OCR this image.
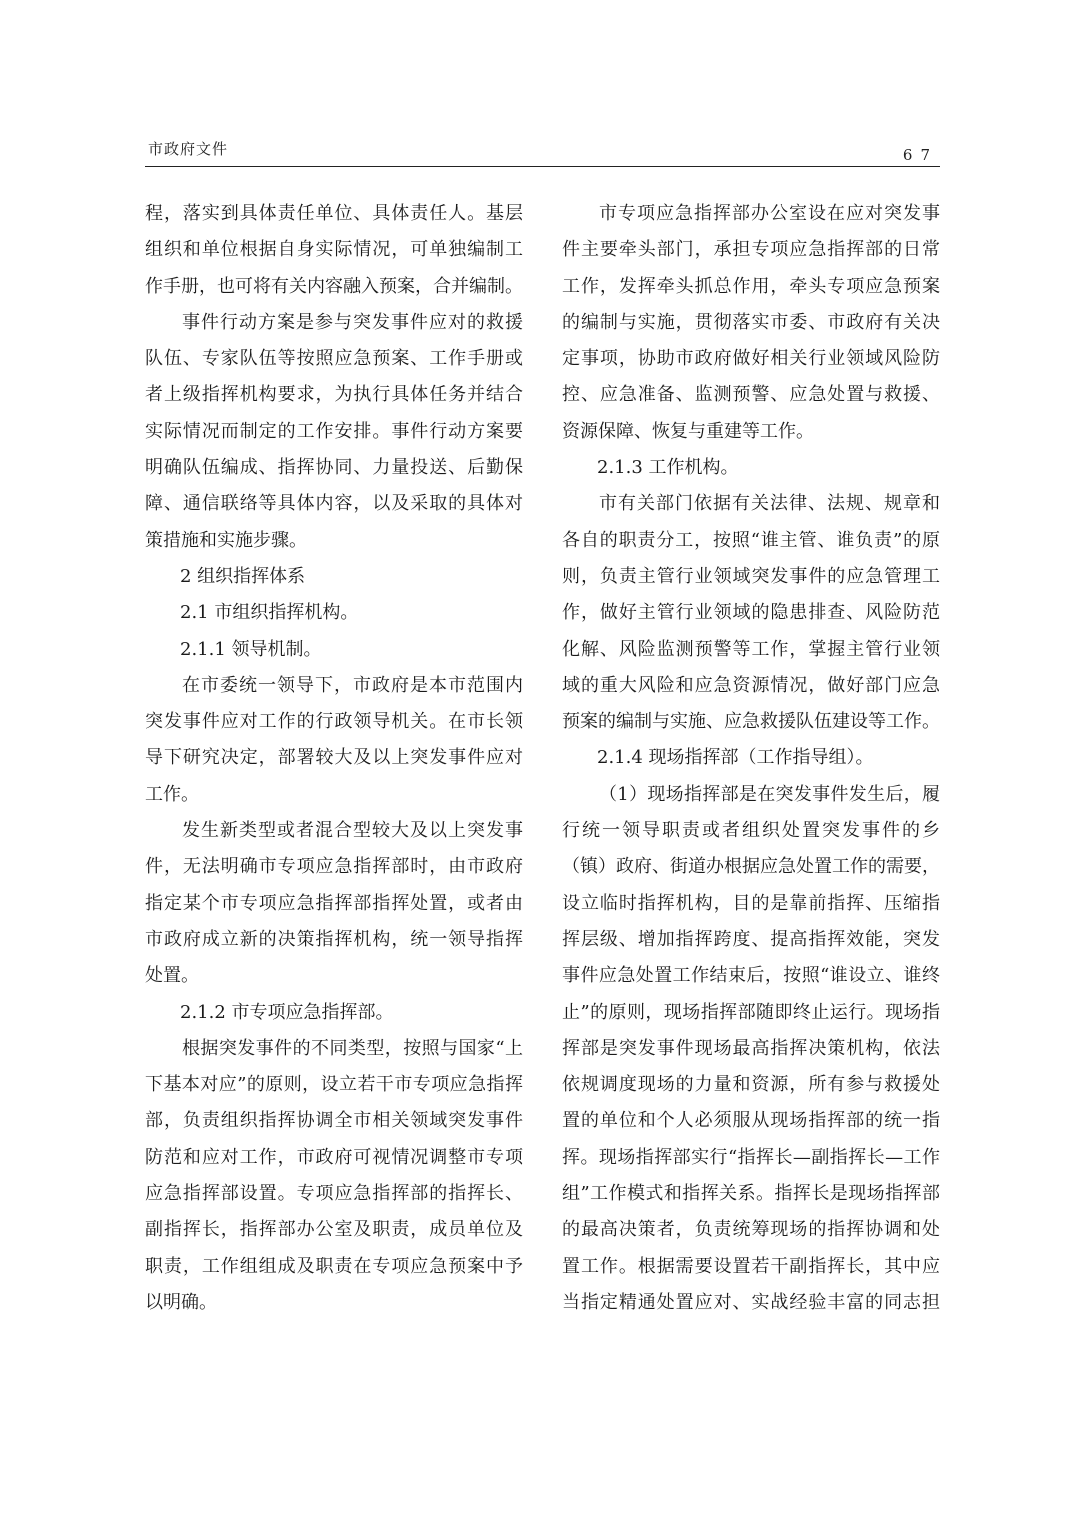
市政府文件	67
程，落实到具体责任单位、具体责任人。基层
组织和单位根据自身实际情况，可单独编制工
作手册，也可将有关内容融入预案，合并编制。
事件行动方案是参与突发事件应对的救援
队伍、专家队伍等按照应急预案、工作手册或
者上级指挥机构要求，为执行具体任务并结合
实际情况而制定的工作安排。事件行动方案要
明确队伍编成、指挥协同、力量投送、后勤保
障、通信联络等具体内容，以及采取的具体对
策措施和实施步骤。
2 组织指挥体系
2.1 市组织指挥机构。
2.1.1 领导机制。
在市委统一领导下，市政府是本市范围内
突发事件应对工作的行政领导机关。在市长领
导下研究决定，部署较大及以上突发事件应对
工作。
发生新类型或者混合型较大及以上突发事
件，无法明确市专项应急指挥部时，由市政府
指定某个市专项应急指挥部指挥处置，或者由
市政府成立新的决策指挥机构，统一领导指挥
处置。
2.1.2 市专项应急指挥部。
根据突发事件的不同类型，按照与国家“上
下基本对应”的原则，设立若干市专项应急指挥
部，负责组织指挥协调全市相关领域突发事件
防范和应对工作，市政府可视情况调整市专项
应急指挥部设置。专项应急指挥部的指挥长、
副指挥长，指挥部办公室及职责，成员单位及
职责，工作组组成及职责在专项应急预案中予
以明确。
市专项应急指挥部办公室设在应对突发事
件主要牵头部门，承担专项应急指挥部的日常
工作，发挥牵头抓总作用，牵头专项应急预案
的编制与实施，贯彻落实市委、市政府有关决
定事项，协助市政府做好相关行业领域风险防
控、应急准备、监测预警、应急处置与救援、
资源保障、恢复与重建等工作。
2.1.3 工作机构。
市有关部门依据有关法律、法规、规章和
各自的职责分工，按照“谁主管、谁负责”的原
则，负责主管行业领域突发事件的应急管理工
作，做好主管行业领域的隐患排查、风险防范
化解、风险监测预警等工作，掌握主管行业领
域的重大风险和应急资源情况，做好部门应急
预案的编制与实施、应急救援队伍建设等工作。
2.1.4 现场指挥部（工作指导组）。
（1）现场指挥部是在突发事件发生后，履
行统一领导职责或者组织处置突发事件的乡
（镇）政府、街道办根据应急处置工作的需要，
设立临时指挥机构，目的是靠前指挥、压缩指
挥层级、增加指挥跨度、提高指挥效能，突发
事件应急处置工作结束后，按照“谁设立、谁终
止”的原则，现场指挥部随即终止运行。现场指
挥部是突发事件现场最高指挥决策机构，依法
依规调度现场的力量和资源，所有参与救援处
置的单位和个人必须服从现场指挥部的统一指
挥。现场指挥部实行“指挥长—副指挥长—工作
组”工作模式和指挥关系。指挥长是现场指挥部
的最高决策者，负责统筹现场的指挥协调和处
置工作。根据需要设置若干副指挥长，其中应
当指定精通处置应对、实战经验丰富的同志担
